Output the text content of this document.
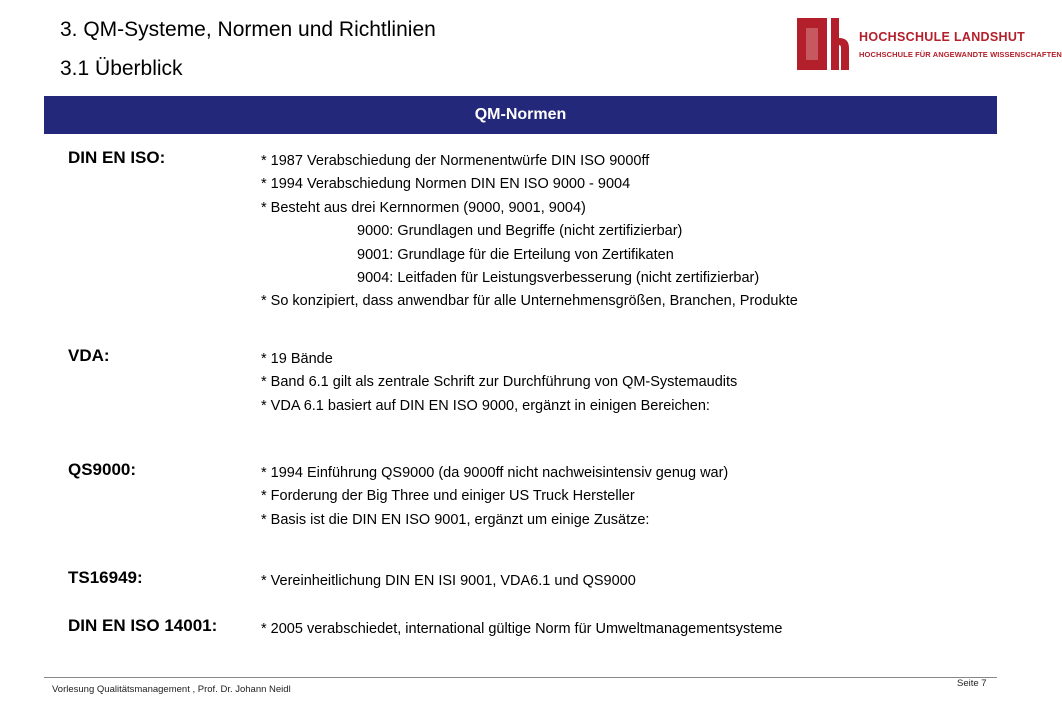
3. QM-Systeme, Normen und Richtlinien
3.1 Überblick
HOCHSCHULE LANDSHUT
HOCHSCHULE FÜR ANGEWANDTE WISSENSCHAFTEN
QM-Normen
DIN EN ISO:	* 1987 Verabschiedung der Normenentwürfe DIN ISO 9000ff
* 1994 Verabschiedung Normen DIN EN ISO 9000 - 9004
* Besteht aus drei Kernnormen (9000, 9001, 9004)
9000: Grundlagen und Begriffe (nicht zertifizierbar)
9001: Grundlage für die Erteilung von Zertifikaten
9004: Leitfaden für Leistungsverbesserung (nicht zertifizierbar)
* So konzipiert, dass anwendbar für alle Unternehmensgrößen, Branchen, Produkte
VDA:	* 19 Bände
* Band 6.1 gilt als zentrale Schrift zur Durchführung von QM-Systemaudits
* VDA 6.1 basiert auf DIN EN ISO 9000, ergänzt in einigen Bereichen:
QS9000:	* 1994 Einführung QS9000 (da 9000ff nicht nachweisintensiv genug war)
* Forderung der Big Three und einiger US Truck Hersteller
* Basis ist die DIN EN ISO 9001, ergänzt um einige Zusätze:
TS16949:	* Vereinheitlichung DIN EN ISI 9001, VDA6.1 und QS9000
DIN EN ISO 14001:	* 2005 verabschiedet, international gültige Norm für Umweltmanagementsysteme
Vorlesung Qualitätsmanagement , Prof. Dr. Johann Neidl
Seite 7
